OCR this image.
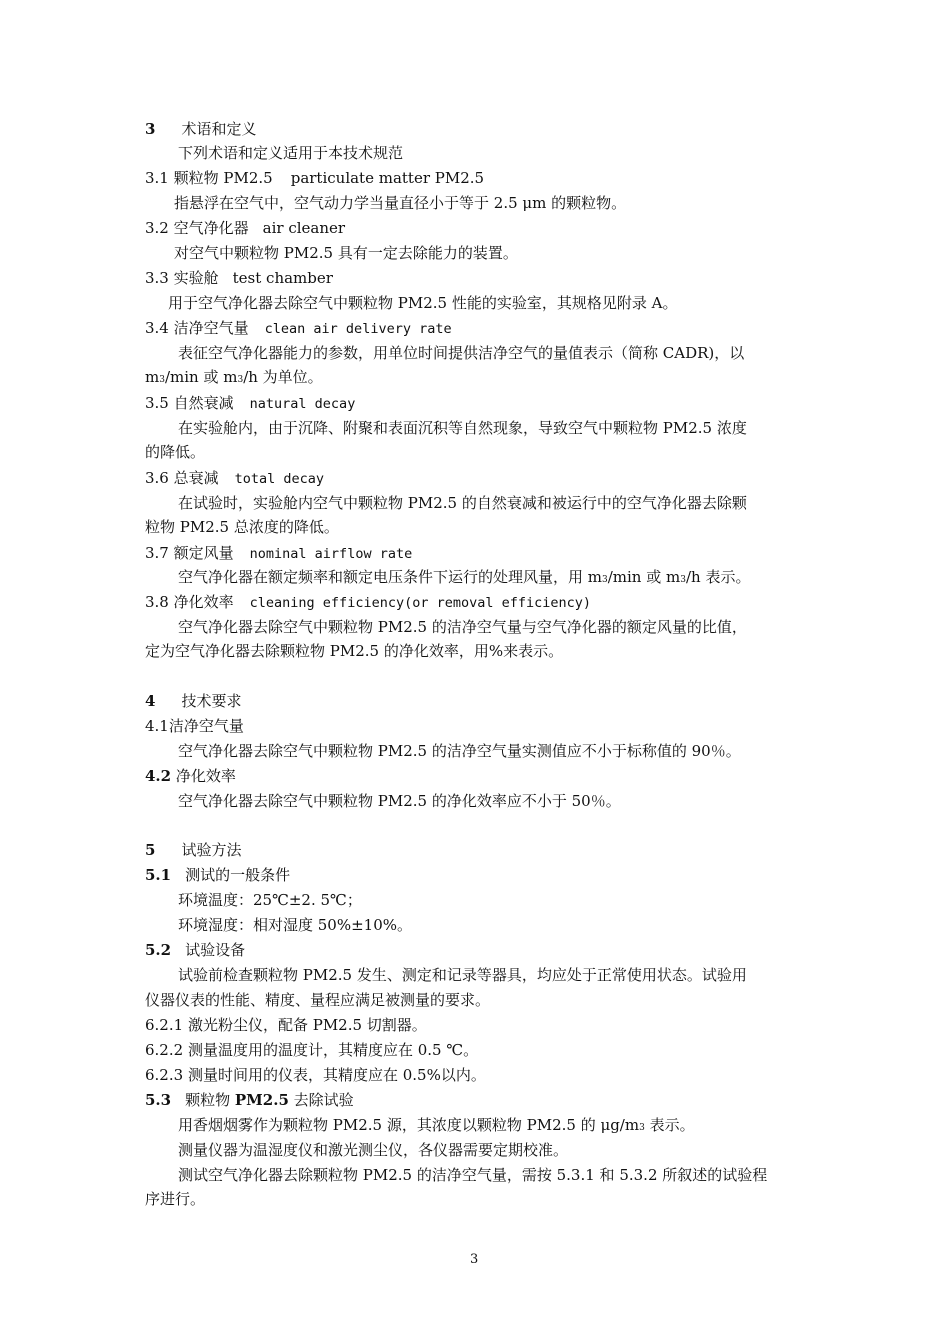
3 术语和定义
下列术语和定义适用于本技术规范
3.1 颗粒物 PM2.5 particulate matter PM2.5
指悬浮在空气中，空气动力学当量直径小于等于 2.5 μm 的颗粒物。
3.2 空气净化器 air cleaner
对空气中颗粒物 PM2.5 具有一定去除能力的装置。
3.3 实验舱 test chamber
用于空气净化器去除空气中颗粒物 PM2.5 性能的实验室，其规格见附录 A。
3.4 洁净空气量 clean air delivery rate
表征空气净化器能力的参数，用单位时间提供洁净空气的量值表示（简称 CADR)，以
m3/min 或 m3/h 为单位。
3.5 自然衰减 natural decay
在实验舱内，由于沉降、附聚和表面沉积等自然现象，导致空气中颗粒物 PM2.5 浓度
的降低。
3.6 总衰减 total decay
在试验时，实验舱内空气中颗粒物 PM2.5 的自然衰减和被运行中的空气净化器去除颗
粒物 PM2.5 总浓度的降低。
3.7 额定风量 nominal airflow rate
空气净化器在额定频率和额定电压条件下运行的处理风量，用 m3/min 或 m3/h 表示。
3.8 净化效率 cleaning efficiency(or removal efficiency)
空气净化器去除空气中颗粒物 PM2.5 的洁净空气量与空气净化器的额定风量的比值，
定为空气净化器去除颗粒物 PM2.5 的净化效率，用%来表示。
4 技术要求
4.1洁净空气量
空气净化器去除空气中颗粒物 PM2.5 的洁净空气量实测值应不小于标称值的 90％。
4.2 净化效率
空气净化器去除空气中颗粒物 PM2.5 的净化效率应不小于 50％。
5 试验方法
5.1 测试的一般条件
环境温度：25℃±2. 5℃；
环境湿度：相对湿度 50%±10%。
5.2 试验设备
试验前检查颗粒物 PM2.5 发生、测定和记录等器具，均应处于正常使用状态。试验用
仪器仪表的性能、精度、量程应满足被测量的要求。
6.2.1 激光粉尘仪，配备 PM2.5 切割器。
6.2.2 测量温度用的温度计，其精度应在 0.5 ℃。
6.2.3 测量时间用的仪表，其精度应在 0.5%以内。
5.3 颗粒物 PM2.5 去除试验
用香烟烟雾作为颗粒物 PM2.5 源，其浓度以颗粒物 PM2.5 的 μg/m3 表示。
测量仪器为温湿度仪和激光测尘仪，各仪器需要定期校准。
测试空气净化器去除颗粒物 PM2.5 的洁净空气量，需按 5.3.1 和 5.3.2 所叙述的试验程
序进行。
3
